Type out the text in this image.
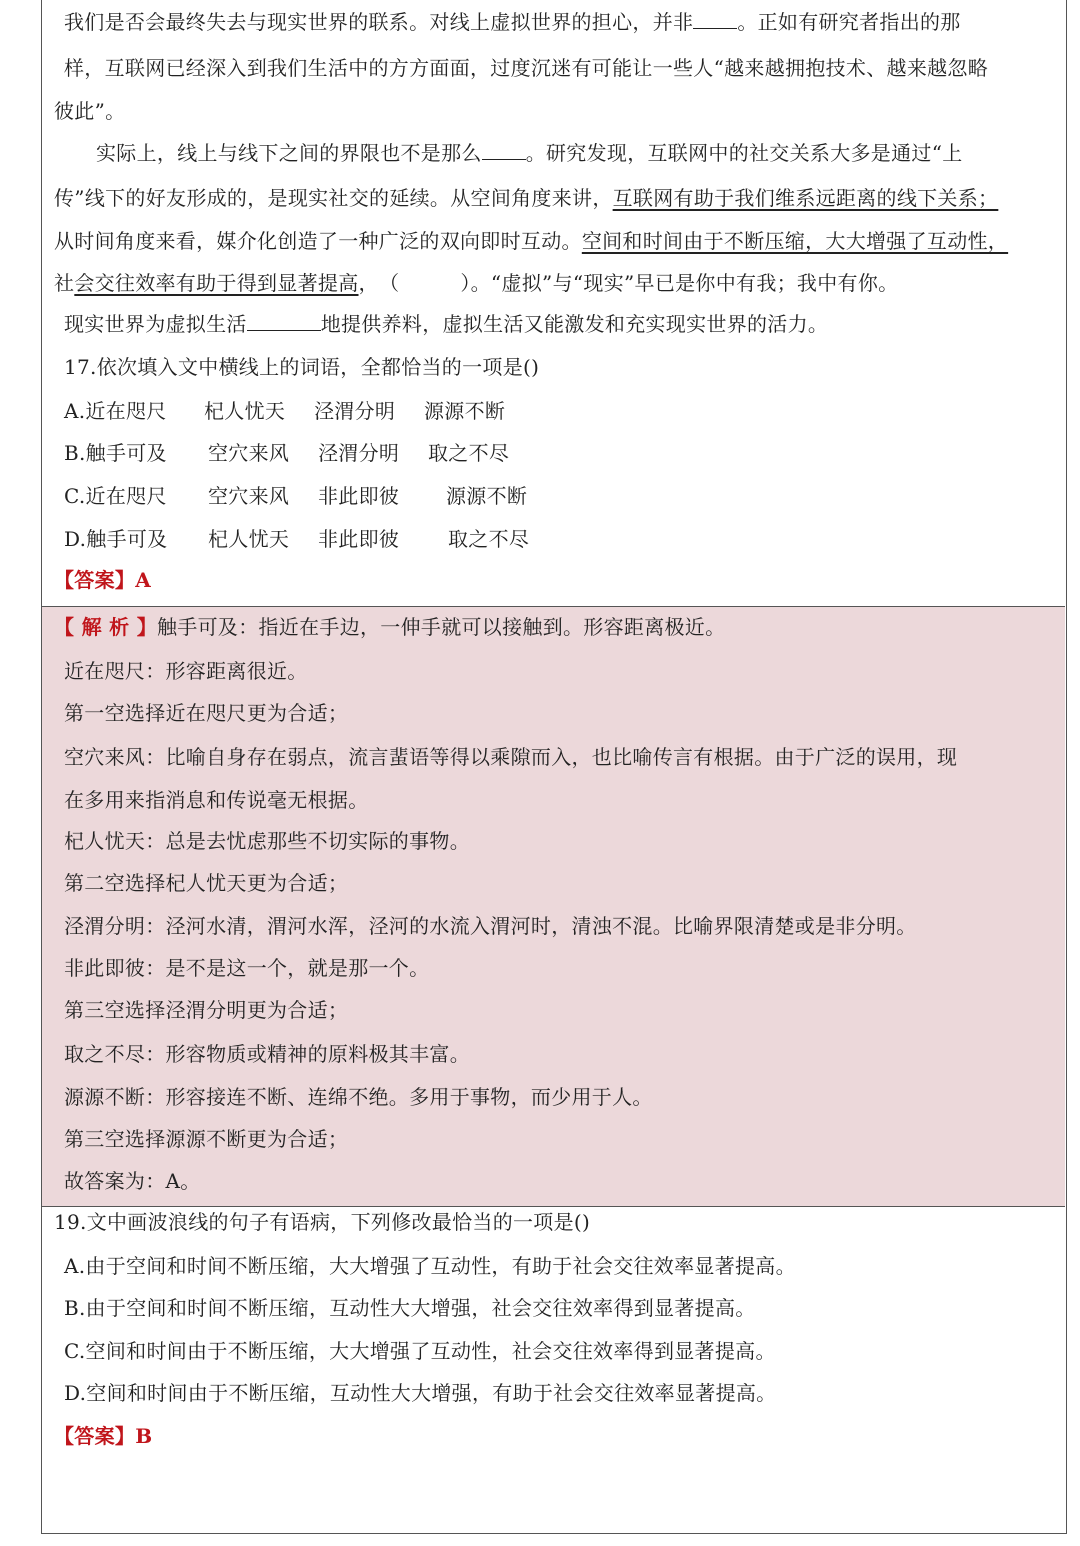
我们是否会最终失去与现实世界的联系。对线上虚拟世界的担心，并非 。正如有研究者指出的那
样，互联网已经深入到我们生活中的方方面面，过度沉迷有可能让一些人“越来越拥抱技术、越来越忽略
彼此”。
实际上，线上与线下之间的界限也不是那么 。研究发现，互联网中的社交关系大多是通过“上
传”线下的好友形成的，是现实社交的延续。从空间角度来讲，互联网有助于我们维系远距离的线下关系；
从时间角度来看，媒介化创造了一种广泛的双向即时互动。空间和时间由于不断压缩，大大增强了互动性，
社会交往效率有助于得到显著提高，　（　　　）。“虚拟”与“现实”早已是你中有我；我中有你。
现实世界为虚拟生活	地提供养料，虚拟生活又能激发和充实现实世界的活力。
17.依次填入文中横线上的词语，全都恰当的一项是()
A.近在咫尺 杞人忧天 泾渭分明 源源不断
B.触手可及 空穴来风 泾渭分明 取之不尽
C.近在咫尺 空穴来风 非此即彼 源源不断
D.触手可及 杞人忧天 非此即彼 取之不尽
【答案】A
【 解 析 】触手可及：指近在手边，一伸手就可以接触到。形容距离极近。
近在咫尺：形容距离很近。
第一空选择近在咫尺更为合适；
空穴来风：比喻自身存在弱点，流言蜚语等得以乘隙而入，也比喻传言有根据。由于广泛的误用，现
在多用来指消息和传说毫无根据。
杞人忧天：总是去忧虑那些不切实际的事物。
第二空选择杞人忧天更为合适；
泾渭分明：泾河水清，渭河水浑，泾河的水流入渭河时，清浊不混。比喻界限清楚或是非分明。
非此即彼：是不是这一个，就是那一个。
第三空选择泾渭分明更为合适；
取之不尽：形容物质或精神的原料极其丰富。
源源不断：形容接连不断、连绵不绝。多用于事物，而少用于人。
第三空选择源源不断更为合适；
故答案为：A。
19.文中画波浪线的句子有语病，下列修改最恰当的一项是()
A.由于空间和时间不断压缩，大大增强了互动性，有助于社会交往效率显著提高。
B.由于空间和时间不断压缩，互动性大大增强，社会交往效率得到显著提高。
C.空间和时间由于不断压缩，大大增强了互动性，社会交往效率得到显著提高。
D.空间和时间由于不断压缩，互动性大大增强，有助于社会交往效率显著提高。
【答案】B
